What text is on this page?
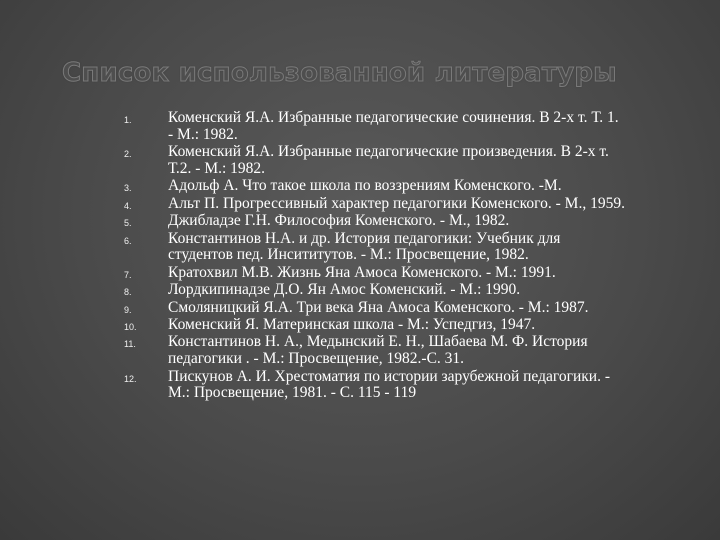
Список использованной литературы
1.	Коменский Я.А. Избранные педагогические сочинения. В 2-х т. Т. 1.
- М.: 1982.
2.	Коменский Я.А. Избранные педагогические произведения. В 2-х т.
Т.2. - М.: 1982.
3.	Адольф А. Что такое школа по воззрениям Коменского. -М.
4.	Альт П. Прогрессивный характер педагогики Коменского. - М., 1959.
5.	Джибладзе Г.Н. Философия Коменского. - М., 1982.
6.	Константинов Н.А. и др. История педагогики: Учебник для
студентов пед. Инсититутов. - М.: Просвещение, 1982.
7.	Кратохвил М.В. Жизнь Яна Амоса Коменского. - М.: 1991.
8.	Лордкипинадзе Д.О. Ян Амос Коменский. - М.: 1990.
9.	Смоляницкий Я.А. Три века Яна Амоса Коменского. - М.: 1987.
10.	Коменский Я. Материнская школа - М.: Успедгиз, 1947.
11.	Константинов Н. А., Медынский Е. Н., Шабаева М. Ф. История
педагогики . - М.: Просвещение, 1982.-С. 31.
12.	Пискунов А. И. Хрестоматия по истории зарубежной педагогики. -
М.: Просвещение, 1981. - С. 115 - 119
